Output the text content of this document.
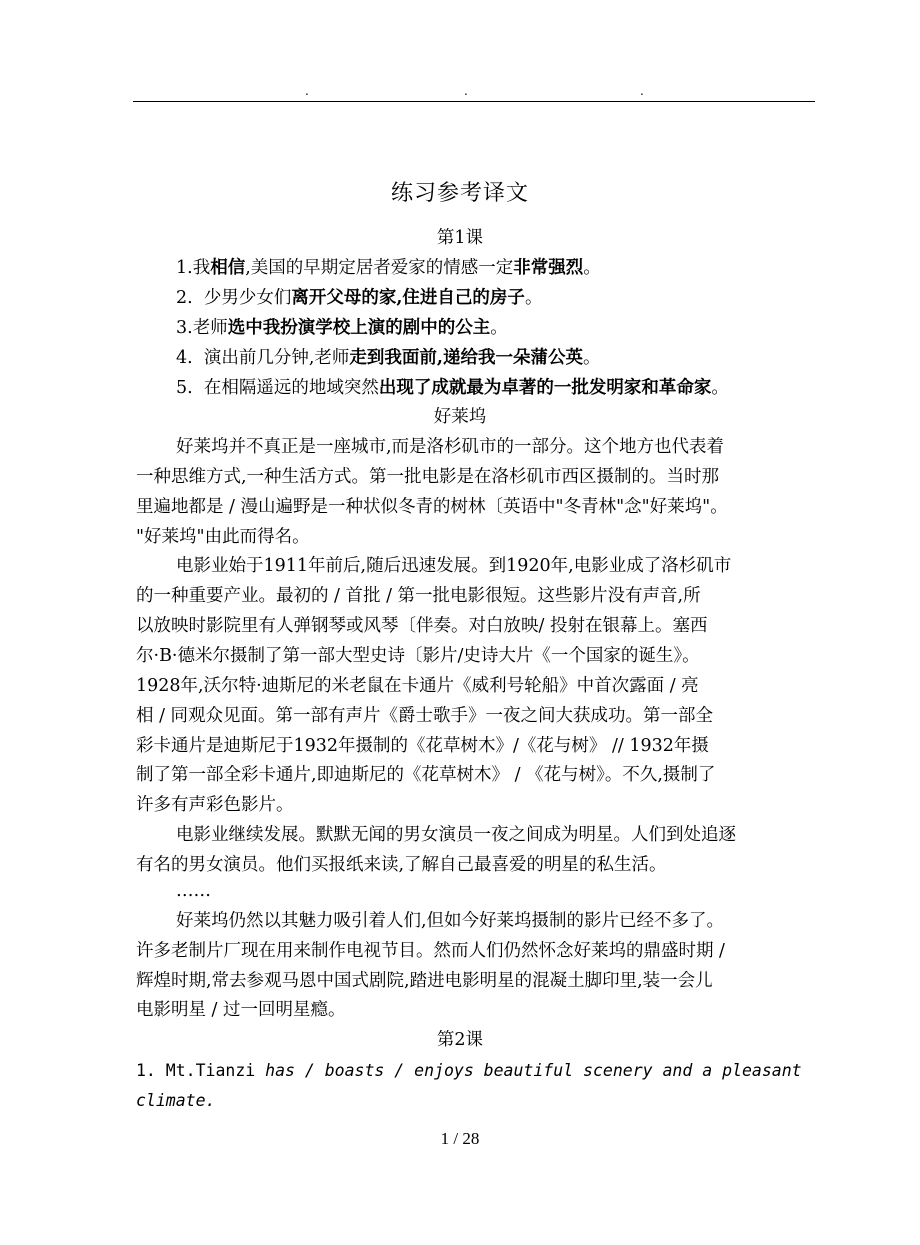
.	.	.
练习参考译文
第1课
1.我相信,美国的早期定居者爱家的情感一定非常强烈。
2. 少男少女们离开父母的家,住进自己的房子。
3.老师选中我扮演学校上演的剧中的公主。
4. 演出前几分钟,老师走到我面前,递给我一朵蒲公英。
5. 在相隔遥远的地域突然出现了成就最为卓著的一批发明家和革命家。
好莱坞
好莱坞并不真正是一座城市,而是洛杉矶市的一部分。这个地方也代表着
一种思维方式,一种生活方式。第一批电影是在洛杉矶市西区摄制的。当时那
里遍地都是 / 漫山遍野是一种状似冬青的树林〔英语中"冬青林"念"好莱坞"。
"好莱坞"由此而得名。
电影业始于1911年前后,随后迅速发展。到1920年,电影业成了洛杉矶市
的一种重要产业。最初的 / 首批 / 第一批电影很短。这些影片没有声音,所
以放映时影院里有人弹钢琴或风琴〔伴奏。对白放映/ 投射在银幕上。塞西
尔·B·德米尔摄制了第一部大型史诗〔影片/史诗大片《一个国家的诞生》。
1928年,沃尔特·迪斯尼的米老鼠在卡通片《威利号轮船》中首次露面 / 亮
相 / 同观众见面。第一部有声片《爵士歌手》一夜之间大获成功。第一部全
彩卡通片是迪斯尼于1932年摄制的《花草树木》/《花与树》 // 1932年摄
制了第一部全彩卡通片,即迪斯尼的《花草树木》 / 《花与树》。不久,摄制了
许多有声彩色影片。
电影业继续发展。默默无闻的男女演员一夜之间成为明星。人们到处追逐
有名的男女演员。他们买报纸来读,了解自己最喜爱的明星的私生活。
……
好莱坞仍然以其魅力吸引着人们,但如今好莱坞摄制的影片已经不多了。
许多老制片厂现在用来制作电视节目。然而人们仍然怀念好莱坞的鼎盛时期 /
辉煌时期,常去参观马恩中国式剧院,踏进电影明星的混凝土脚印里,装一会儿
电影明星 / 过一回明星瘾。
第2课
1. Mt.Tianzi has / boasts / enjoys beautiful scenery and a pleasant
climate.
1 / 28
